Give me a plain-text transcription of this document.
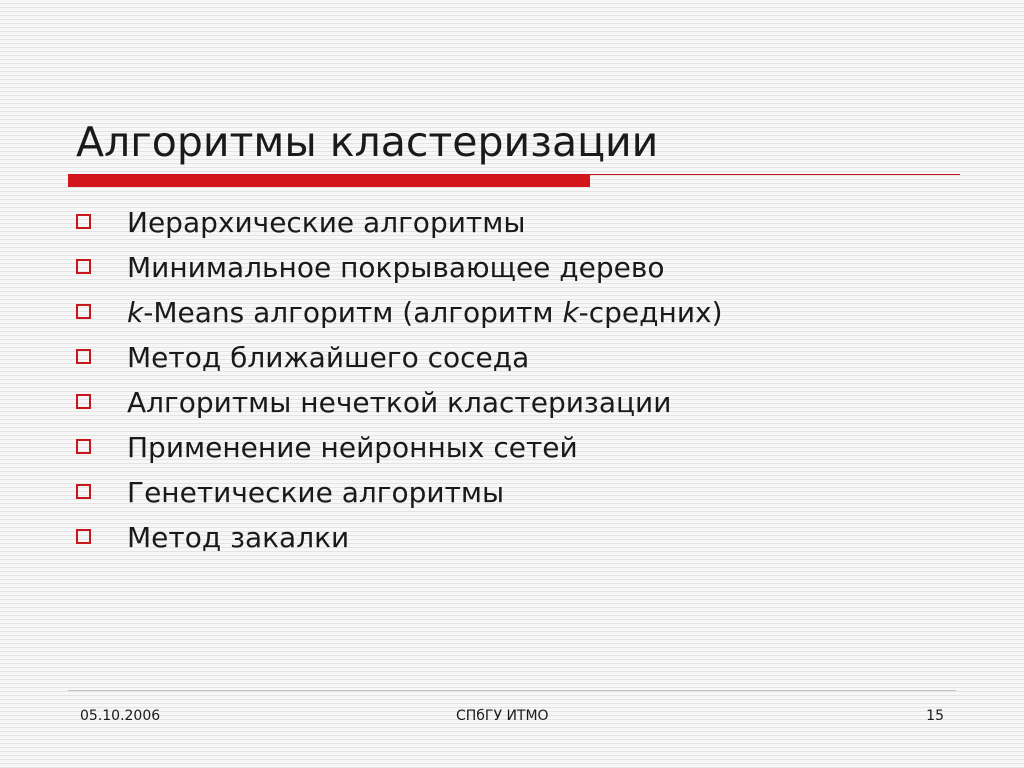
Алгоритмы кластеризации
Иерархические алгоритмы
Минимальное покрывающее дерево
k-Means алгоритм (алгоритм k-средних)
Метод ближайшего соседа
Алгоритмы нечеткой кластеризации
Применение нейронных сетей
Генетические алгоритмы
Метод закалки
05.10.2006	СПбГУ ИТМО	15
